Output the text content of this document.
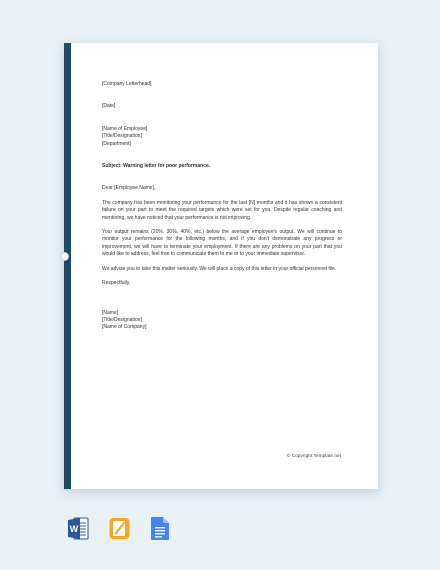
[Company Letterhead]

[Date]

[Name of Employee]

[Title/Designation]

[Department]

Subject: Warning letter for poor performance.

Dear [Employee Name],

The company has been monitoring your performance for the last [N] months and it has shown a consistent failure on your part to meet the required targets which were set for you. Despite regular coaching and mentoring, we have noticed that your performance is not improving.

Your output remains (20%, 30%, 40%, etc.) below the average employee's output. We will continue to monitor your performance for the following months, and if you don't demonstrate any progress or improvement, we will have to terminate your employment. If there are any problems on your part that you would like to address, feel free to communicate them to me or to your immediate supervisor.

We advise you to take this matter seriously. We will place a copy of this letter in your official personnel file.

Respectfully,

[Name]

[Title/Designation]

[Name of Company]

© Copyright Template.net
W
